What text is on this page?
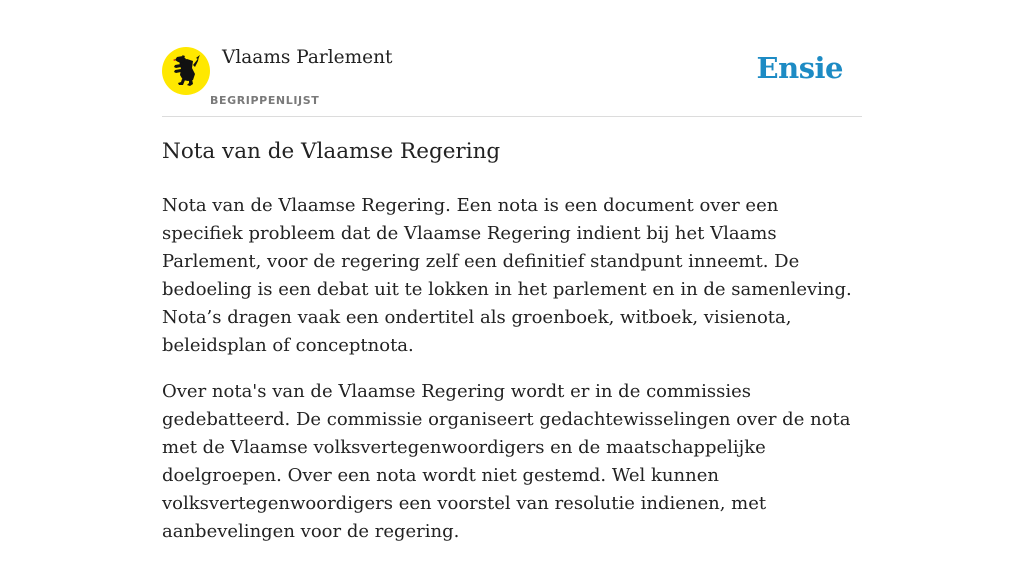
Vlaams Parlement
BEGRIPPENLIJST
Ensie
Nota van de Vlaamse Regering

Nota van de Vlaamse Regering. Een nota is een document over een specifiek probleem dat de Vlaamse Regering indient bij het Vlaams Parlement, voor de regering zelf een definitief standpunt inneemt. De bedoeling is een debat uit te lokken in het parlement en in de samenleving. Nota’s dragen vaak een ondertitel als groenboek, witboek, visienota, beleidsplan of conceptnota.

Over nota's van de Vlaamse Regering wordt er in de commissies gedebatteerd. De commissie organiseert gedachtewisselingen over de nota met de Vlaamse volksvertegenwoordigers en de maatschappelijke doelgroepen. Over een nota wordt niet gestemd. Wel kunnen volksvertegenwoordigers een voorstel van resolutie indienen, met aanbevelingen voor de regering.
